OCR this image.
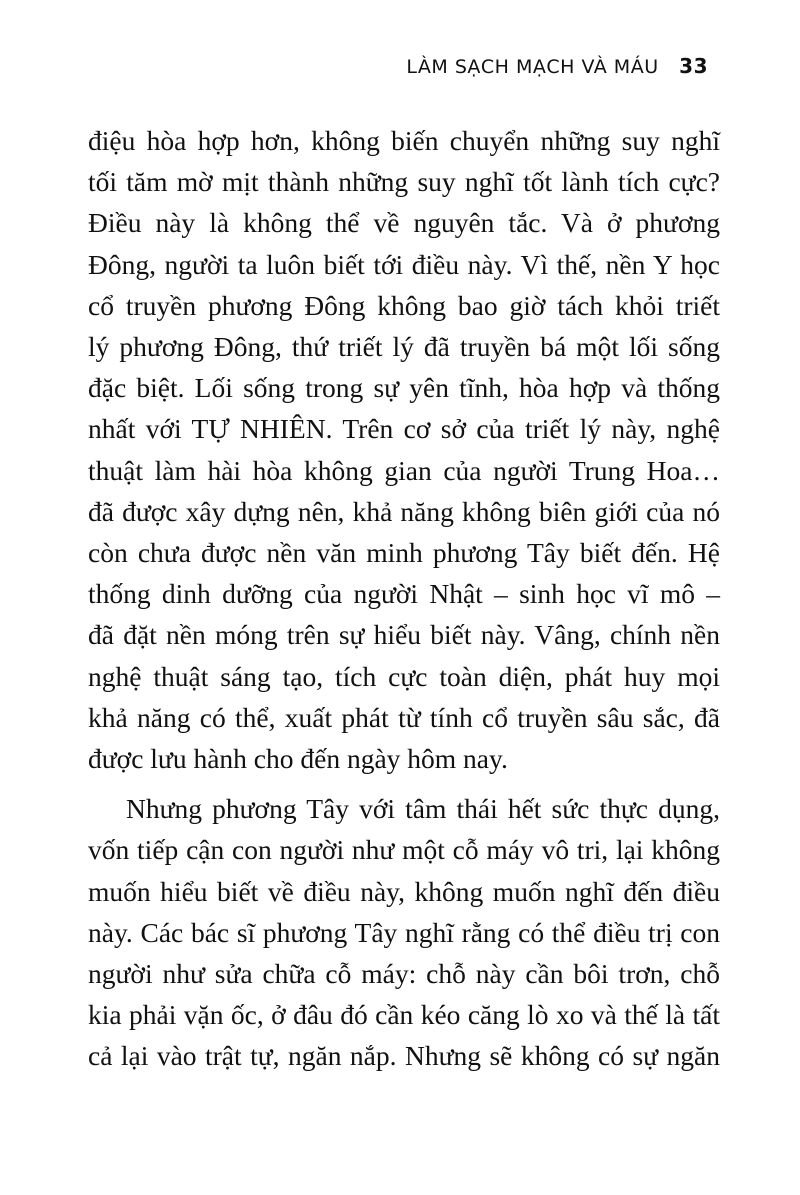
LÀM SẠCH MẠCH VÀ MÁU 33
điệu hòa hợp hơn, không biến chuyển những suy nghĩ
tối tăm mờ mịt thành những suy nghĩ tốt lành tích cực?
Điều này là không thể về nguyên tắc. Và ở phương
Đông, người ta luôn biết tới điều này. Vì thế, nền Y học
cổ truyền phương Đông không bao giờ tách khỏi triết
lý phương Đông, thứ triết lý đã truyền bá một lối sống
đặc biệt. Lối sống trong sự yên tĩnh, hòa hợp và thống
nhất với TỰ NHIÊN. Trên cơ sở của triết lý này, nghệ
thuật làm hài hòa không gian của người Trung Hoa…
đã được xây dựng nên, khả năng không biên giới của nó
còn chưa được nền văn minh phương Tây biết đến. Hệ
thống dinh dưỡng của người Nhật – sinh học vĩ mô –
đã đặt nền móng trên sự hiểu biết này. Vâng, chính nền
nghệ thuật sáng tạo, tích cực toàn diện, phát huy mọi
khả năng có thể, xuất phát từ tính cổ truyền sâu sắc, đã
được lưu hành cho đến ngày hôm nay.
Nhưng phương Tây với tâm thái hết sức thực dụng,
vốn tiếp cận con người như một cỗ máy vô tri, lại không
muốn hiểu biết về điều này, không muốn nghĩ đến điều
này. Các bác sĩ phương Tây nghĩ rằng có thể điều trị con
người như sửa chữa cỗ máy: chỗ này cần bôi trơn, chỗ
kia phải vặn ốc, ở đâu đó cần kéo căng lò xo và thế là tất
cả lại vào trật tự, ngăn nắp. Nhưng sẽ không có sự ngăn
